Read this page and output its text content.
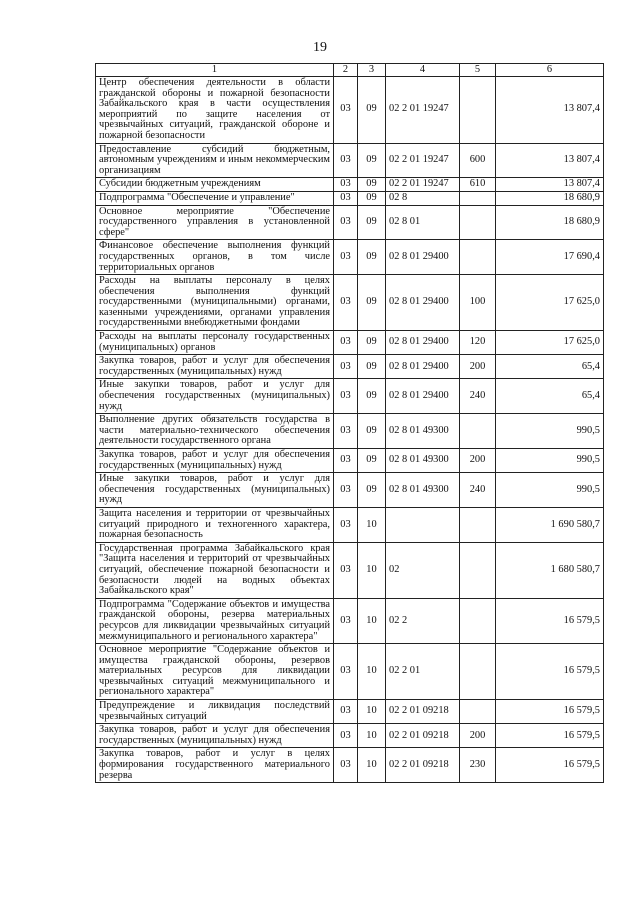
19
1	2	3	4	5	6
Центр обеспечения деятельности в области гражданской обороны и пожарной безопасности Забайкальского края в части осуществления мероприятий по защите населения от чрезвычайных ситуаций, гражданской обороне и пожарной безопасности	03	09	02 2 01 19247		13 807,4
Предоставление субсидий бюджетным, автономным учреждениям и иным некоммерческим организациям	03	09	02 2 01 19247	600	13 807,4
Субсидии бюджетным учреждениям	03	09	02 2 01 19247	610	13 807,4
Подпрограмма "Обеспечение и управление"	03	09	02 8		18 680,9
Основное мероприятие "Обеспечение государственного управления в установленной сфере"	03	09	02 8 01		18 680,9
Финансовое обеспечение выполнения функций государственных органов, в том числе территориальных органов	03	09	02 8 01 29400		17 690,4
Расходы на выплаты персоналу в целях обеспечения выполнения функций государственными (муниципальными) органами, казенными учреждениями, органами управления государственными внебюджетными фондами	03	09	02 8 01 29400	100	17 625,0
Расходы на выплаты персоналу государственных (муниципальных) органов	03	09	02 8 01 29400	120	17 625,0
Закупка товаров, работ и услуг для обеспечения государственных (муниципальных) нужд	03	09	02 8 01 29400	200	65,4
Иные закупки товаров, работ и услуг для обеспечения государственных (муниципальных) нужд	03	09	02 8 01 29400	240	65,4
Выполнение других обязательств государства в части материально-технического обеспечения деятельности государственного органа	03	09	02 8 01 49300		990,5
Закупка товаров, работ и услуг для обеспечения государственных (муниципальных) нужд	03	09	02 8 01 49300	200	990,5
Иные закупки товаров, работ и услуг для обеспечения государственных (муниципальных) нужд	03	09	02 8 01 49300	240	990,5
Защита населения и территории от чрезвычайных ситуаций природного и техногенного характера, пожарная безопасность	03	10			1 690 580,7
Государственная программа Забайкальского края "Защита населения и территорий от чрезвычайных ситуаций, обеспечение пожарной безопасности и безопасности людей на водных объектах Забайкальского края"	03	10	02		1 680 580,7
Подпрограмма "Содержание объектов и имущества гражданской обороны, резерва материальных ресурсов для ликвидации чрезвычайных ситуаций межмуниципального и регионального характера"	03	10	02 2		16 579,5
Основное мероприятие "Содержание объектов и имущества гражданской обороны, резервов материальных ресурсов для ликвидации чрезвычайных ситуаций межмуниципального и регионального характера"	03	10	02 2 01		16 579,5
Предупреждение и ликвидация последствий чрезвычайных ситуаций	03	10	02 2 01 09218		16 579,5
Закупка товаров, работ и услуг для обеспечения государственных (муниципальных) нужд	03	10	02 2 01 09218	200	16 579,5
Закупка товаров, работ и услуг в целях формирования государственного материального резерва	03	10	02 2 01 09218	230	16 579,5
